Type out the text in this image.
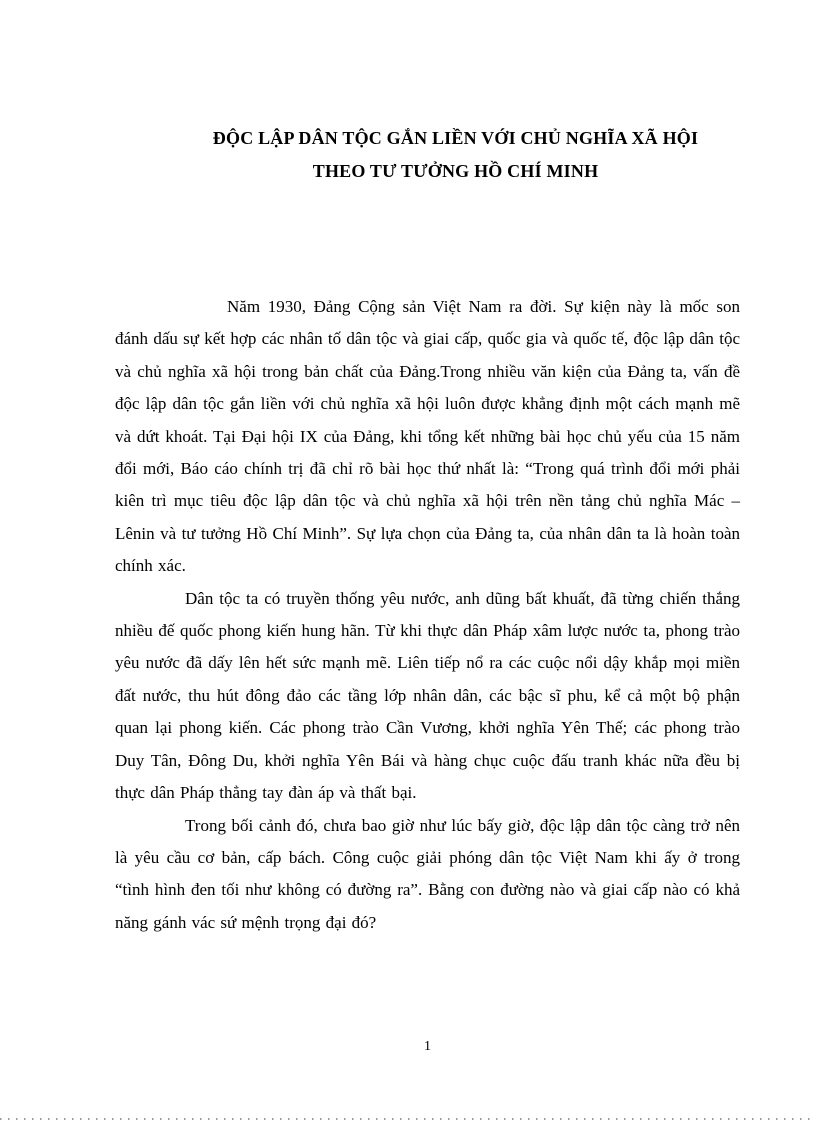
ĐỘC LẬP DÂN TỘC GẮN LIỀN VỚI CHỦ NGHĨA XÃ HỘI
THEO TƯ TƯỞNG HỒ CHÍ MINH

Năm 1930, Đảng Cộng sản Việt Nam ra đời. Sự kiện này là mốc son đánh dấu sự kết hợp các nhân tố dân tộc và giai cấp, quốc gia và quốc tế, độc lập dân tộc và chủ nghĩa xã hội trong bản chất của Đảng.Trong nhiều văn kiện của Đảng ta, vấn đề độc lập dân tộc gắn liền với chủ nghĩa xã hội luôn được khẳng định một cách mạnh mẽ và dứt khoát. Tại Đại hội IX của Đảng, khi tổng kết những bài học chủ yếu của 15 năm đổi mới, Báo cáo chính trị đã chỉ rõ bài học thứ nhất là: “Trong quá trình đổi mới phải kiên trì mục tiêu độc lập dân tộc và chủ nghĩa xã hội trên nền tảng chủ nghĩa Mác – Lênin và tư tưởng Hồ Chí Minh”. Sự lựa chọn của Đảng ta, của nhân dân ta là hoàn toàn chính xác.

Dân tộc ta có truyền thống yêu nước, anh dũng bất khuất, đã từng chiến thắng nhiều đế quốc phong kiến hung hãn. Từ khi thực dân Pháp xâm lược nước ta, phong trào yêu nước đã dấy lên hết sức mạnh mẽ. Liên tiếp nổ ra các cuộc nổi dậy khắp mọi miền đất nước, thu hút đông đảo các tầng lớp nhân dân, các bậc sĩ phu, kể cả một bộ phận quan lại phong kiến. Các phong trào Cần Vương, khởi nghĩa Yên Thế; các phong trào Duy Tân, Đông Du, khởi nghĩa Yên Bái và hàng chục cuộc đấu tranh khác nữa đều bị thực dân Pháp thẳng tay đàn áp và thất bại.

Trong bối cảnh đó, chưa bao giờ như lúc bấy giờ, độc lập dân tộc càng trở nên là yêu cầu cơ bản, cấp bách. Công cuộc giải phóng dân tộc Việt Nam khi ấy ở trong “tình hình đen tối như không có đường ra”. Bằng con đường nào và giai cấp nào có khả năng gánh vác sứ mệnh trọng đại đó?

1
